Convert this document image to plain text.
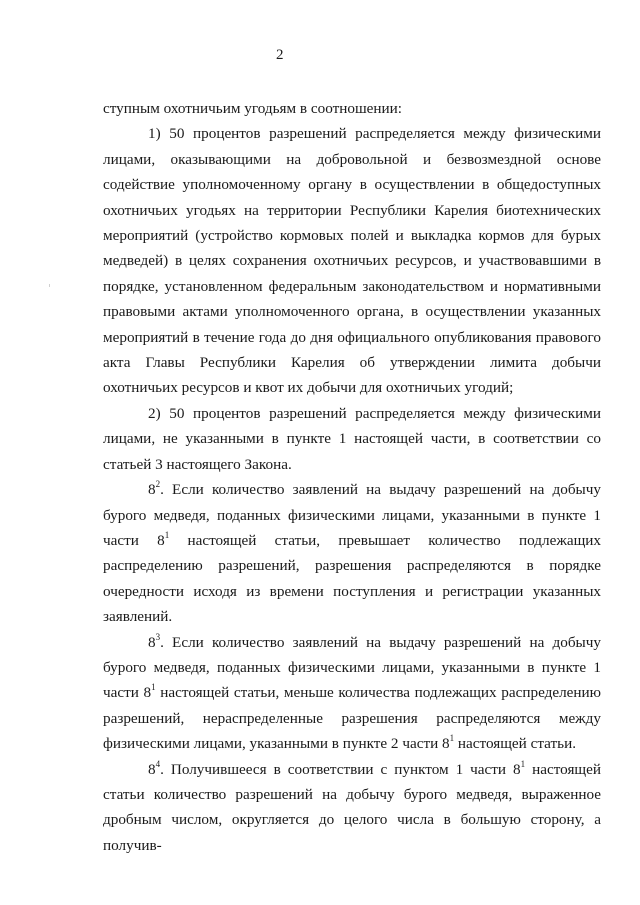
2

ступным охотничьим угодьям в соотношении:

1) 50 процентов разрешений распределяется между физическими лицами, оказывающими на добровольной и безвозмездной основе содействие уполномоченному органу в осуществлении в общедоступных охотничьих угодьях на территории Республики Карелия биотехнических мероприятий (устройство кормовых полей и выкладка кормов для бурых медведей) в целях сохранения охотничьих ресурсов, и участвовавшими в порядке, установленном федеральным законодательством и нормативными правовыми актами уполномоченного органа, в осуществлении указанных мероприятий в течение года до дня официального опубликования правового акта Главы Республики Карелия об утверждении лимита добычи охотничьих ресурсов и квот их добычи для охотничьих угодий;

2) 50 процентов разрешений распределяется между физическими лицами, не указанными в пункте 1 настоящей части, в соответствии со статьей 3 настоящего Закона.

$8^2$. Если количество заявлений на выдачу разрешений на добычу бурого медведя, поданных физическими лицами, указанными в пункте 1 части $8^1$ настоящей статьи, превышает количество подлежащих распределению разрешений, разрешения распределяются в порядке очередности исходя из времени поступления и регистрации указанных заявлений.

$8^3$. Если количество заявлений на выдачу разрешений на добычу бурого медведя, поданных физическими лицами, указанными в пункте 1 части $8^1$ настоящей статьи, меньше количества подлежащих распределению разрешений, нераспределенные разрешения распределяются между физическими лицами, указанными в пункте 2 части $8^1$ настоящей статьи.

$8^4$. Получившееся в соответствии с пунктом 1 части $8^1$ настоящей статьи количество разрешений на добычу бурого медведя, выраженное дробным числом, округляется до целого числа в большую сторону, а получив-
